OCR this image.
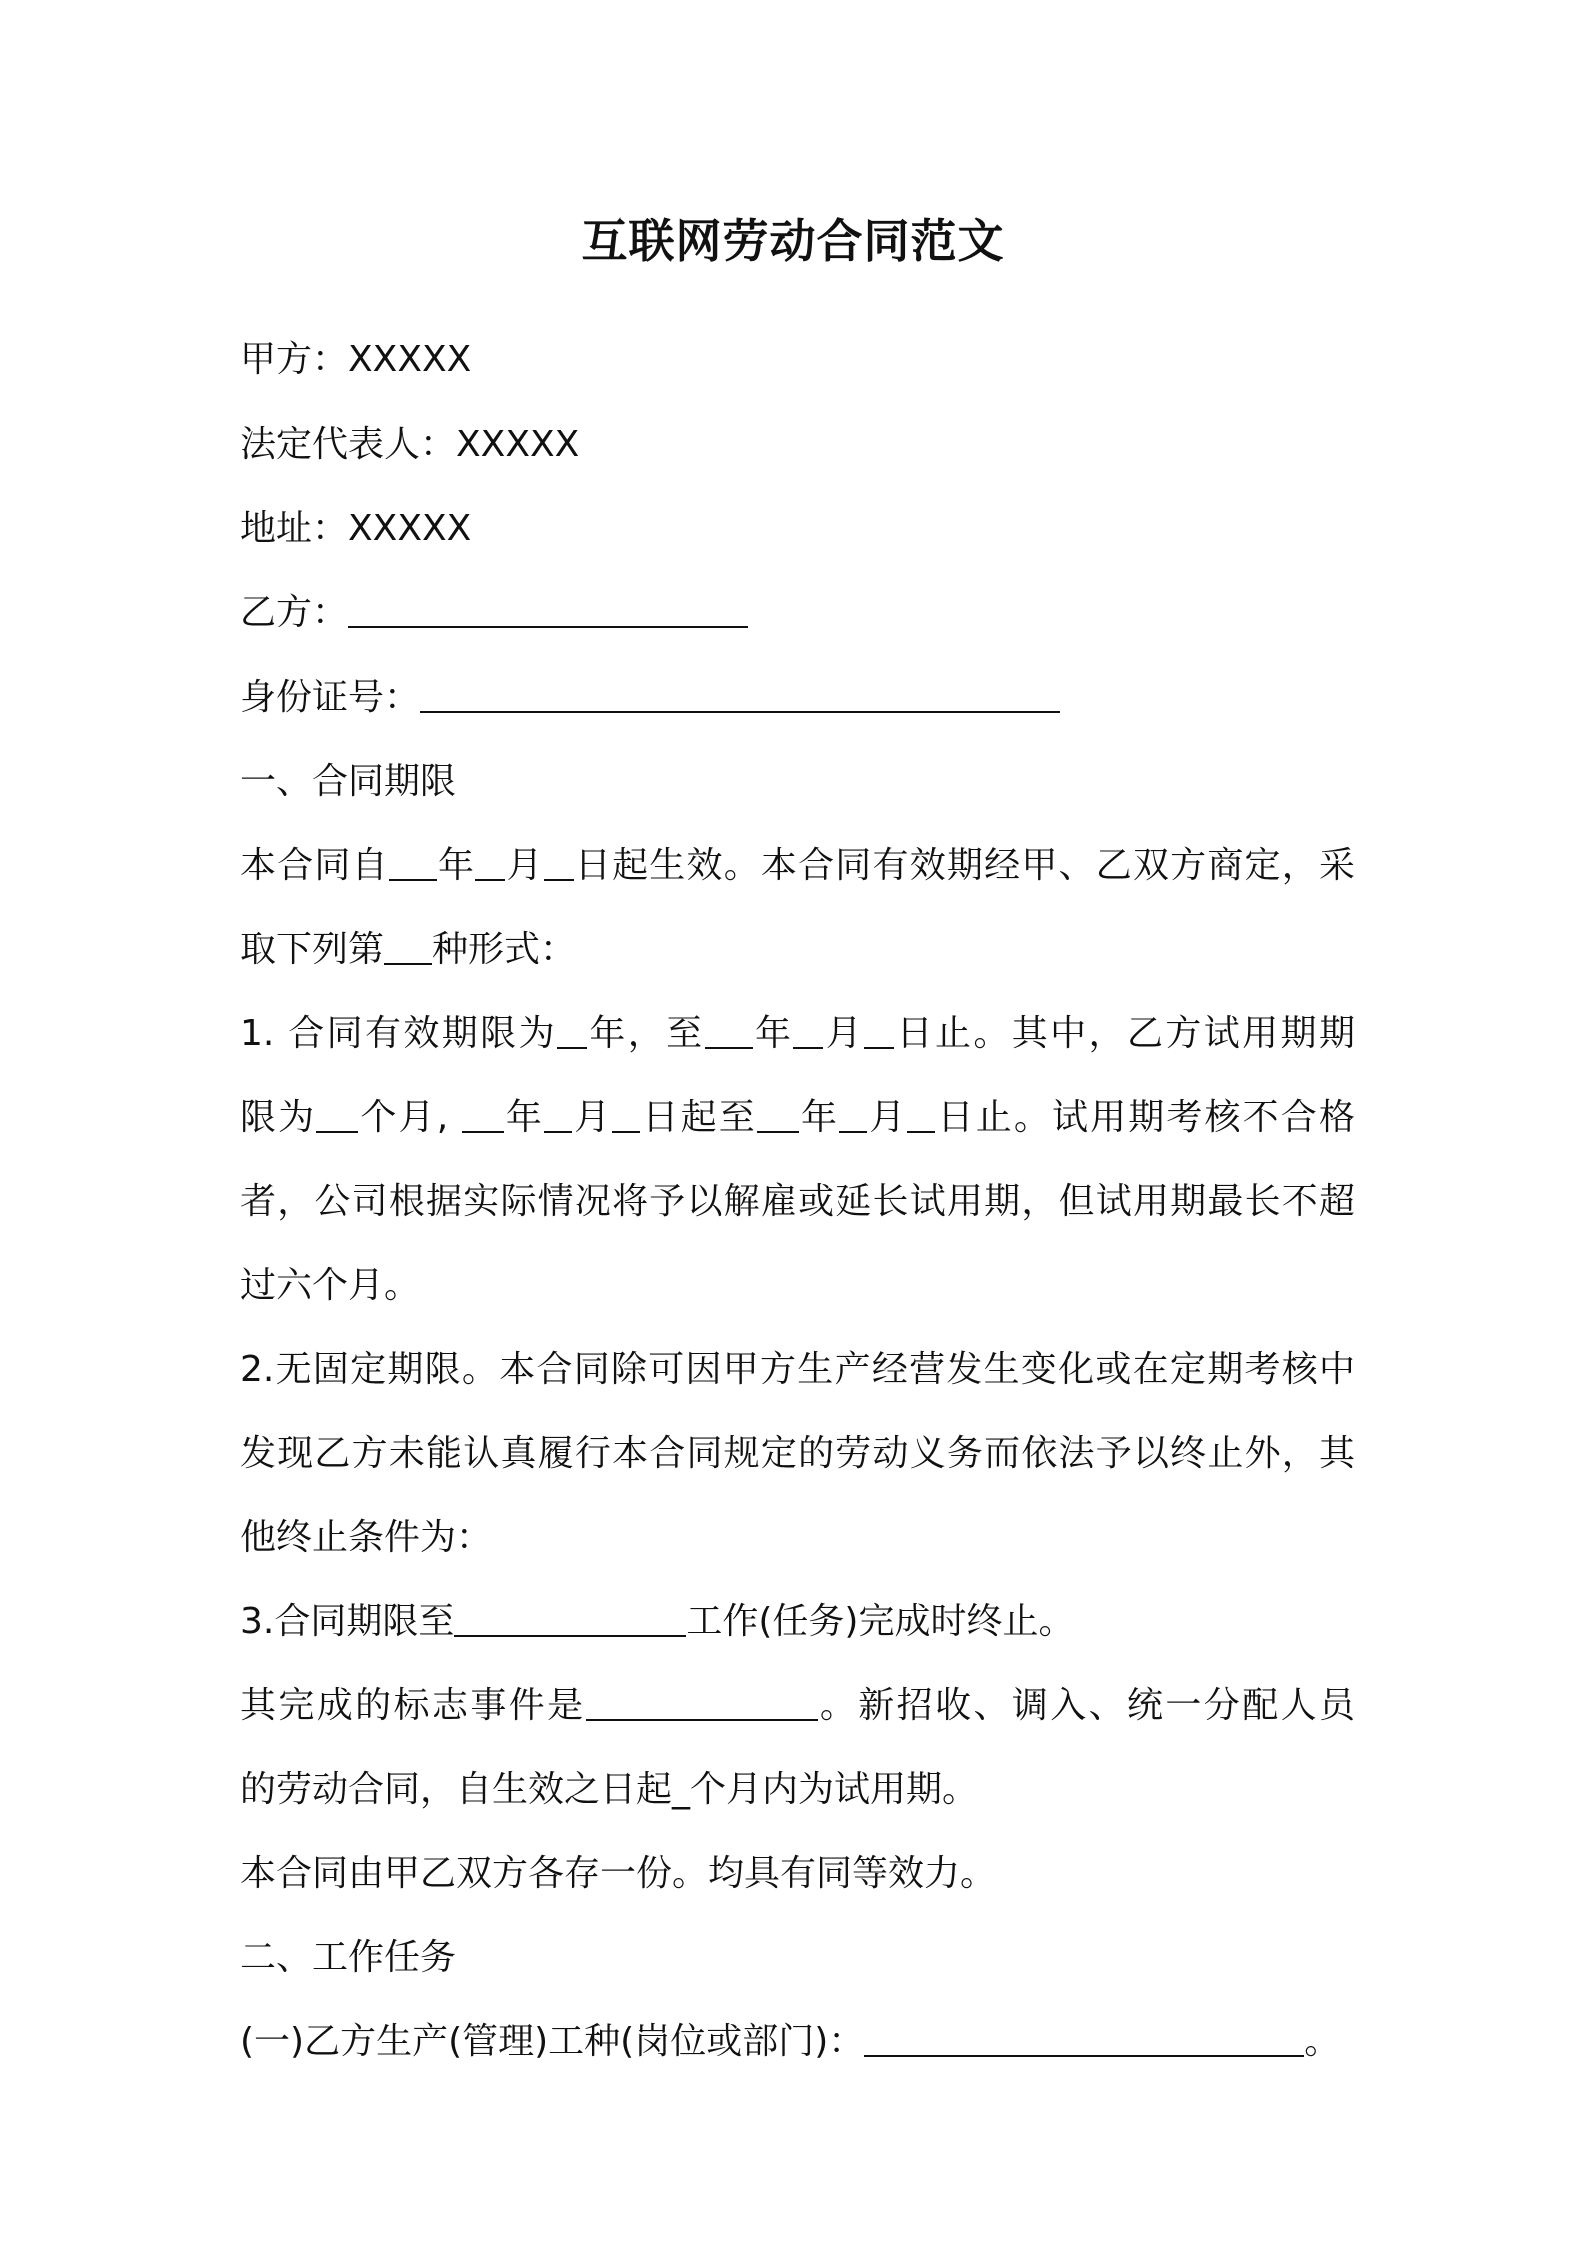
互联网劳动合同范文
甲方：XXXXX
法定代表人：XXXXX
地址：XXXXX
乙方：
身份证号：
一、合同期限
本合同自 年 月 日起生效。本合同有效期经甲、乙双方商定，采
取下列第 种形式：
1. 合同有效期限为 年，至 年 月 日止。其中，乙方试用期期
限为 个月, 年 月 日起至 年 月 日止。试用期考核不合格
者，公司根据实际情况将予以解雇或延长试用期，但试用期最长不超
过六个月。
2.无固定期限。本合同除可因甲方生产经营发生变化或在定期考核中
发现乙方未能认真履行本合同规定的劳动义务而依法予以终止外，其
他终止条件为：
3.合同期限至	工作(任务)完成时终止。
其完成的标志事件是	。新招收、调入、统一分配人员
的劳动合同，自生效之日起_个月内为试用期。
本合同由甲乙双方各存一份。均具有同等效力。
二、工作任务
(一)乙方生产(管理)工种(岗位或部门)：	。
